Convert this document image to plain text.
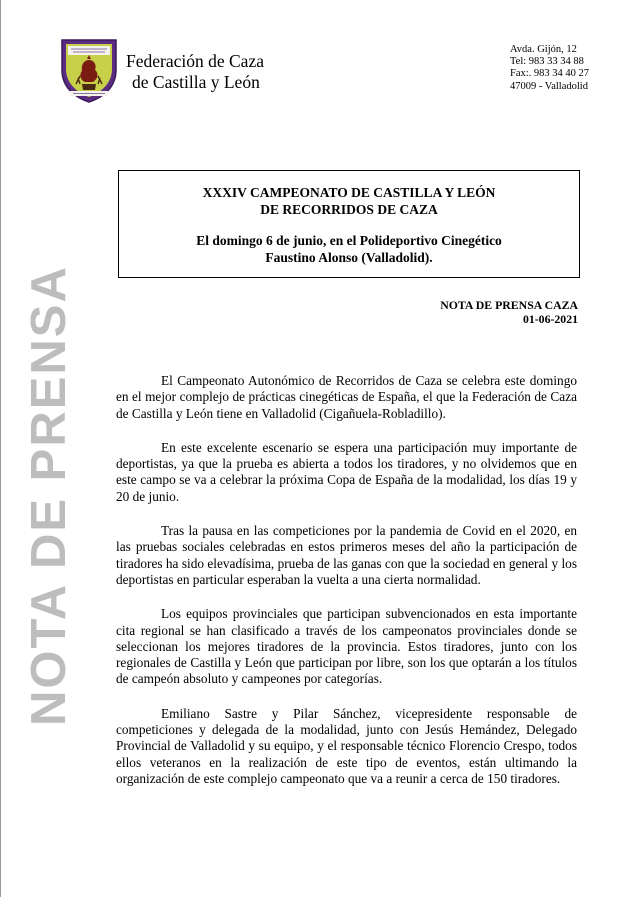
Federación de Caza
de Castilla y León
Avda. Gijón, 12
Tel: 983 33 34 88
Fax:. 983 34 40 27
47009 - Valladolid
XXXIV CAMPEONATO DE CASTILLA Y LEÓN
DE RECORRIDOS DE CAZA
El domingo 6 de junio, en el Polideportivo Cinegético
Faustino Alonso (Valladolid).
NOTA DE PRENSA CAZA
01-06-2021
NOTA DE PRENSA	El Campeonato Autonómico de Recorridos de Caza se celebra este domingo en el mejor complejo de prácticas cinegéticas de España, el que la Federación de Caza de Castilla y León tiene en Valladolid (Cigañuela-Robladillo).

En este excelente escenario se espera una participación muy importante de deportistas, ya que la prueba es abierta a todos los tiradores, y no olvidemos que en este campo se va a celebrar la próxima Copa de España de la modalidad, los días 19 y 20 de junio.

Tras la pausa en las competiciones por la pandemia de Covid en el 2020, en las pruebas sociales celebradas en estos primeros meses del año la participación de tiradores ha sido elevadísima, prueba de las ganas con que la sociedad en general y los deportistas en particular esperaban la vuelta a una cierta normalidad.

Los equipos provinciales que participan subvencionados en esta importante cita regional se han clasificado a través de los campeonatos provinciales donde se seleccionan los mejores tiradores de la provincia. Estos tiradores, junto con los regionales de Castilla y León que participan por libre, son los que optarán a los títulos de campeón absoluto y campeones por categorías.

Emiliano Sastre y Pilar Sánchez, vicepresidente responsable de competiciones y delegada de la modalidad, junto con Jesús Hemández, Delegado Provincial de Valladolid y su equipo, y el responsable técnico Florencio Crespo, todos ellos veteranos en la realización de este tipo de eventos, están ultimando la organización de este complejo campeonato que va a reunir a cerca de 150 tiradores.
